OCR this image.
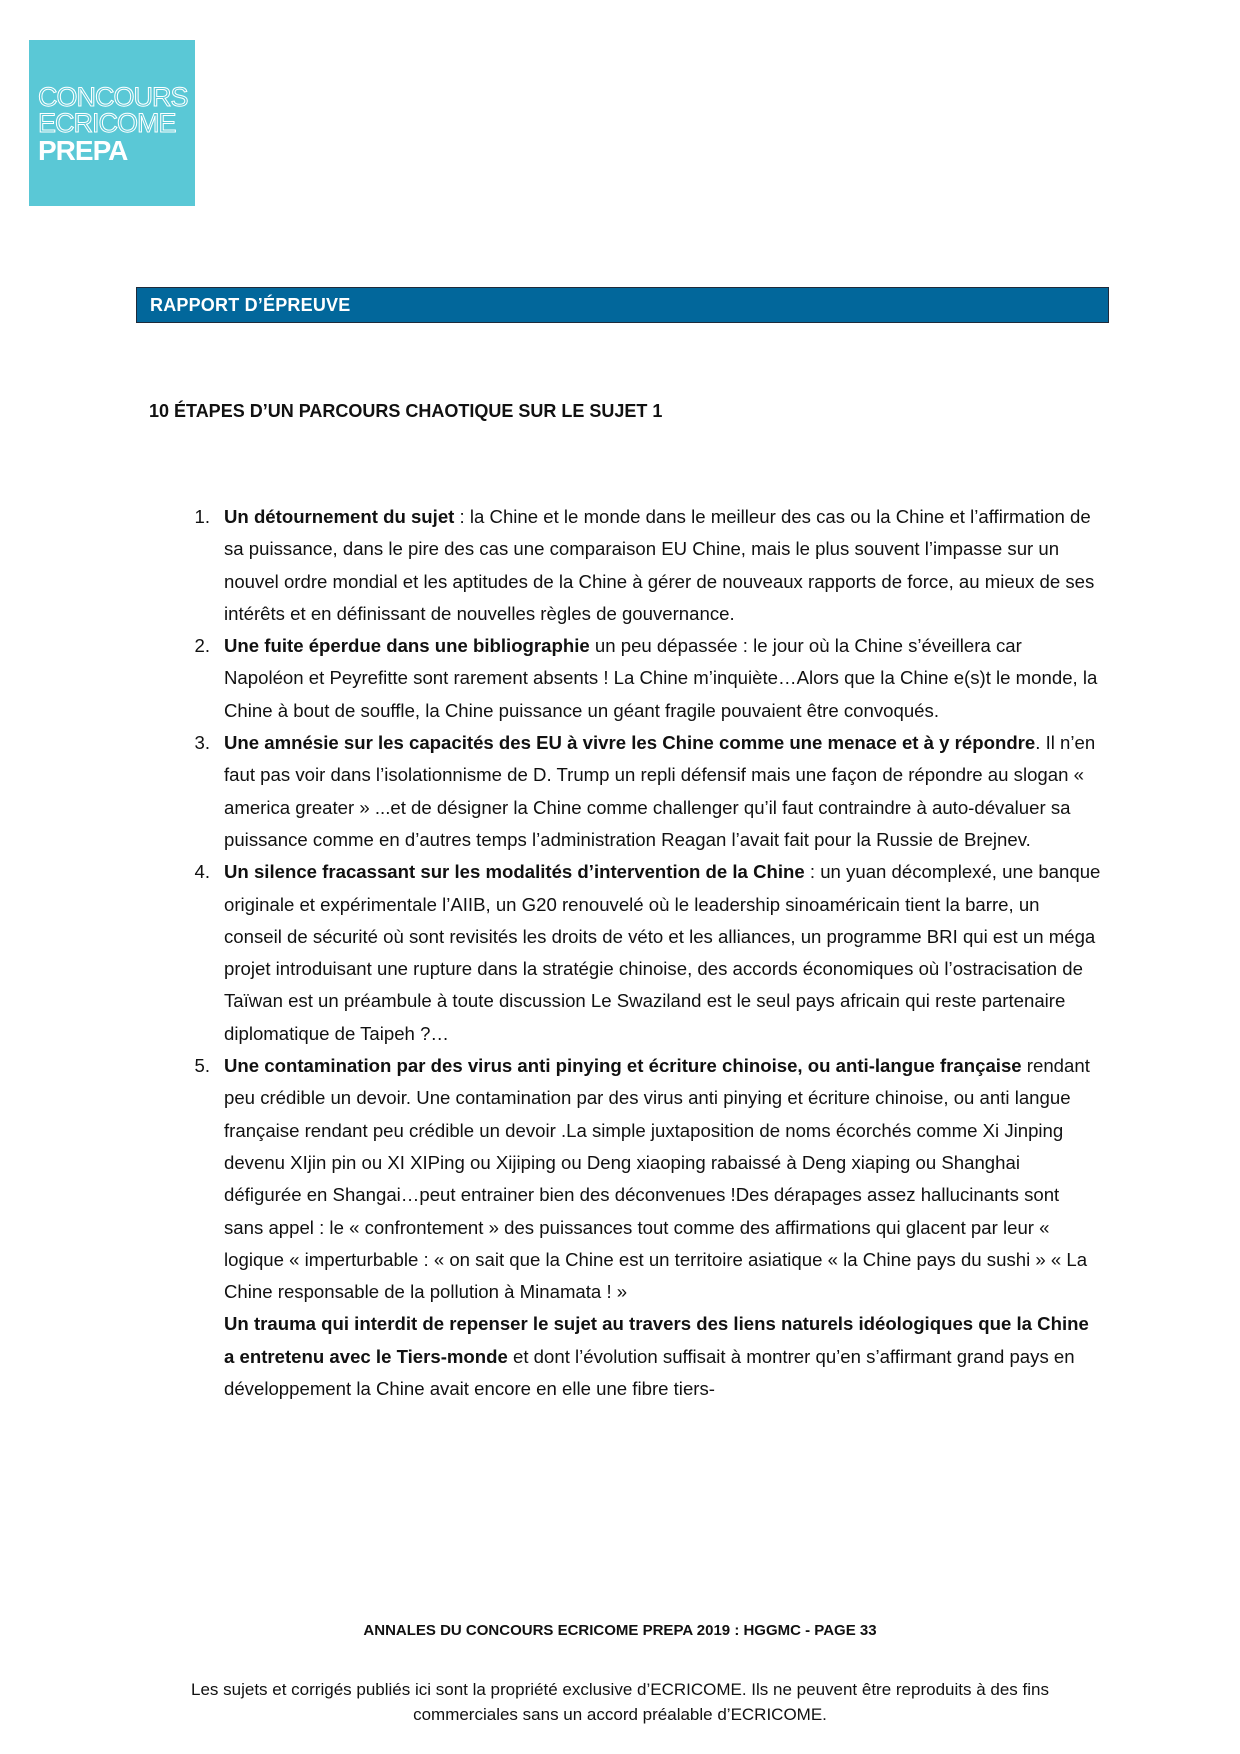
CONCOURS
ECRICOME
PREPA
RAPPORT D’ÉPREUVE
10 ÉTAPES D’UN PARCOURS CHAOTIQUE SUR LE SUJET 1
1. Un détournement du sujet : la Chine et le monde dans le meilleur des cas ou la Chine et l’affirmation de sa puissance, dans le pire des cas une comparaison EU Chine, mais le plus souvent l’impasse sur un nouvel ordre mondial et les aptitudes de la Chine à gérer de nouveaux rapports de force, au mieux de ses intérêts et en définissant de nouvelles règles de gouvernance.
2. Une fuite éperdue dans une bibliographie un peu dépassée : le jour où la Chine s’éveillera car Napoléon et Peyrefitte sont rarement absents ! La Chine m’inquiète…Alors que la Chine e(s)t le monde, la Chine à bout de souffle, la Chine puissance un géant fragile pouvaient être convoqués.
3. Une amnésie sur les capacités des EU à vivre les Chine comme une menace et à y répondre. Il n’en faut pas voir dans l’isolationnisme de D. Trump un repli défensif mais une façon de répondre au slogan « america greater » ...et de désigner la Chine comme challenger qu’il faut contraindre à auto-dévaluer sa puissance comme en d’autres temps l’administration Reagan l’avait fait pour la Russie de Brejnev.
4. Un silence fracassant sur les modalités d’intervention de la Chine : un yuan décomplexé, une banque originale et expérimentale l’AIIB, un G20 renouvelé où le leadership sinoaméricain tient la barre, un conseil de sécurité où sont revisités les droits de véto et les alliances, un programme BRI qui est un méga projet introduisant une rupture dans la stratégie chinoise, des accords économiques où l’ostracisation de Taïwan est un préambule à toute discussion Le Swaziland est le seul pays africain qui reste partenaire diplomatique de Taipeh ?…
5. Une contamination par des virus anti pinying et écriture chinoise, ou anti-langue française rendant peu crédible un devoir. Une contamination par des virus anti pinying et écriture chinoise, ou anti langue française rendant peu crédible un devoir .La simple juxtaposition de noms écorchés comme Xi Jinping devenu XIjin pin ou XI XIPing ou Xijiping ou Deng xiaoping rabaissé à Deng xiaping ou Shanghai défigurée en Shangai…peut entrainer bien des déconvenues !Des dérapages assez hallucinants sont sans appel : le « confrontement » des puissances tout comme des affirmations qui glacent par leur « logique « imperturbable : « on sait que la Chine est un territoire asiatique « la Chine pays du sushi » « La Chine responsable de la pollution à Minamata ! »
Un trauma qui interdit de repenser le sujet au travers des liens naturels idéologiques que la Chine a entretenu avec le Tiers-monde et dont l’évolution suffisait à montrer qu’en s’affirmant grand pays en développement la Chine avait encore en elle une fibre tiers-
ANNALES DU CONCOURS ECRICOME PREPA 2019 : HGGMC - PAGE 33
Les sujets et corrigés publiés ici sont la propriété exclusive d’ECRICOME. Ils ne peuvent être reproduits à des fins commerciales sans un accord préalable d’ECRICOME.
